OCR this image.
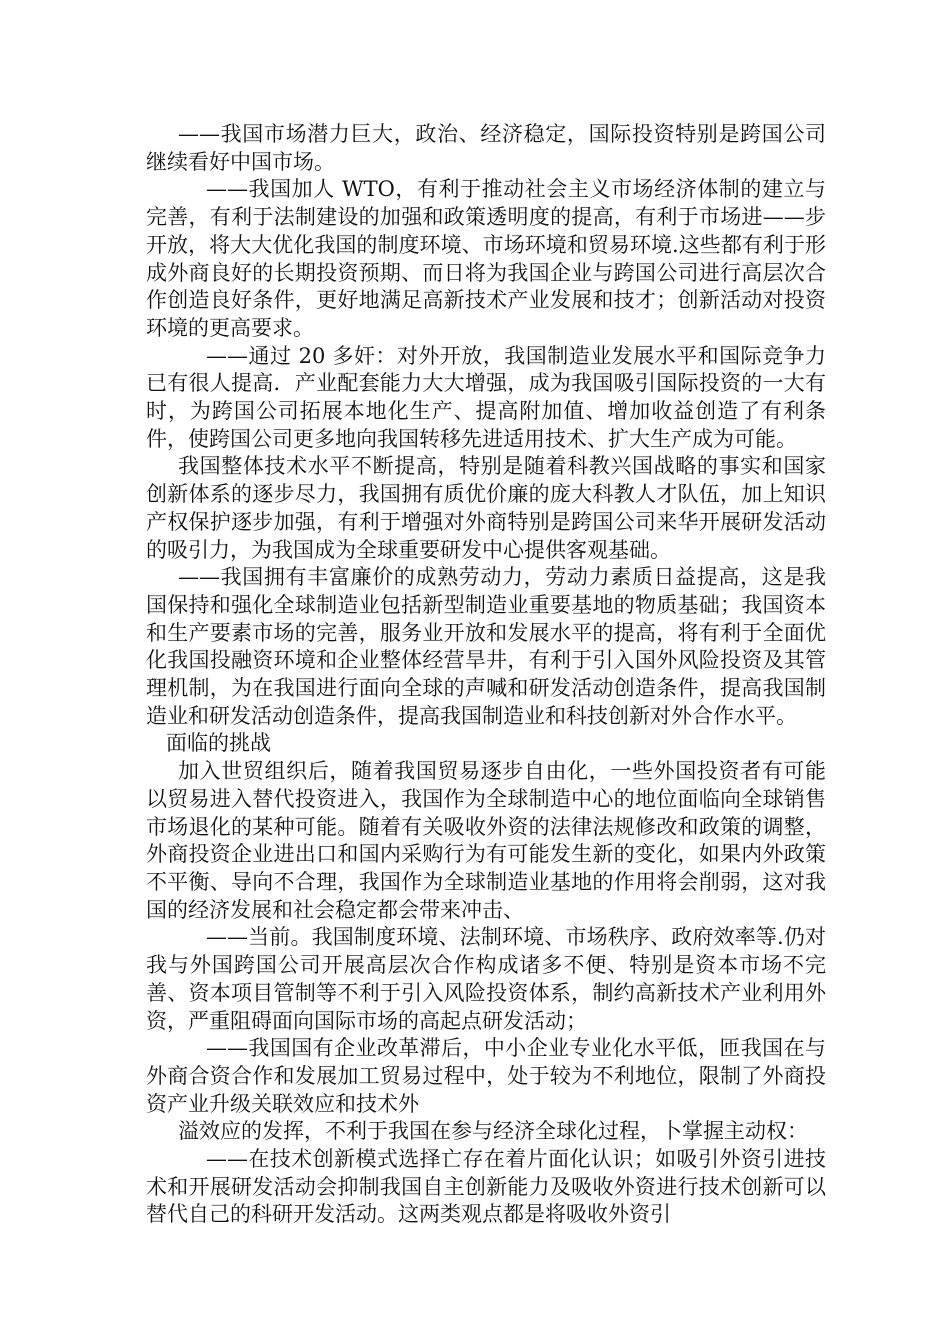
——我国市场潜力巨大，政治、经济稳定，国际投资特别是跨国公司继续看好中国市场。

——我国加人 WTO，有利于推动社会主义市场经济体制的建立与完善，有利于法制建设的加强和政策透明度的提高，有利于市场进——步开放，将大大优化我国的制度环境、市场环境和贸易环境.这些都有利于形成外商良好的长期投资预期、而日将为我国企业与跨国公司进行高层次合作创造良好条件，更好地满足高新技术产业发展和技才；创新活动对投资环境的更高要求。

——通过 20 多奸：对外开放，我国制造业发展水平和国际竞争力已有很人提高．产业配套能力大大增强，成为我国吸引国际投资的一大有时，为跨国公司拓展本地化生产、提高附加值、增加收益创造了有利条件，使跨国公司更多地向我国转移先进适用技术、扩大生产成为可能。

我国整体技术水平不断提高，特别是随着科教兴国战略的事实和国家创新体系的逐步尽力，我国拥有质优价廉的庞大科教人才队伍，加上知识产权保护逐步加强，有利于增强对外商特别是跨国公司来华开展研发活动的吸引力，为我国成为全球重要研发中心提供客观基础。

——我国拥有丰富廉价的成熟劳动力，劳动力素质日益提高，这是我国保持和强化全球制造业包括新型制造业重要基地的物质基础；我国资本和生产要素市场的完善，服务业开放和发展水平的提高，将有利于全面优化我国投融资环境和企业整体经营旱井，有利于引入国外风险投资及其管理机制，为在我国进行面向全球的声喊和研发活动创造条件，提高我国制造业和研发活动创造条件，提高我国制造业和科技创新对外合作水平。

面临的挑战

加入世贸组织后，随着我国贸易逐步自由化，一些外国投资者有可能以贸易进入替代投资进入，我国作为全球制造中心的地位面临向全球销售市场退化的某种可能。随着有关吸收外资的法律法规修改和政策的调整，外商投资企业进出口和国内采购行为有可能发生新的变化，如果内外政策不平衡、导向不合理，我国作为全球制造业基地的作用将会削弱，这对我国的经济发展和社会稳定都会带来冲击、

——当前。我国制度环境、法制环境、市场秩序、政府效率等.仍对我与外国跨国公司开展高层次合作构成诸多不便、特别是资本市场不完善、资本项目管制等不利于引入风险投资体系，制约高新技术产业利用外资，严重阻碍面向国际市场的高起点研发活动；

——我国国有企业改革滞后，中小企业专业化水平低，匝我国在与外商合资合作和发展加工贸易过程中，处于较为不利地位，限制了外商投资产业升级关联效应和技术外

溢效应的发挥，不利于我国在参与经济全球化过程，卜掌握主动权：

——在技术创新模式选择亡存在着片面化认识；如吸引外资引进技术和开展研发活动会抑制我国自主创新能力及吸收外资进行技术创新可以替代自己的科研开发活动。这两类观点都是将吸收外资引
